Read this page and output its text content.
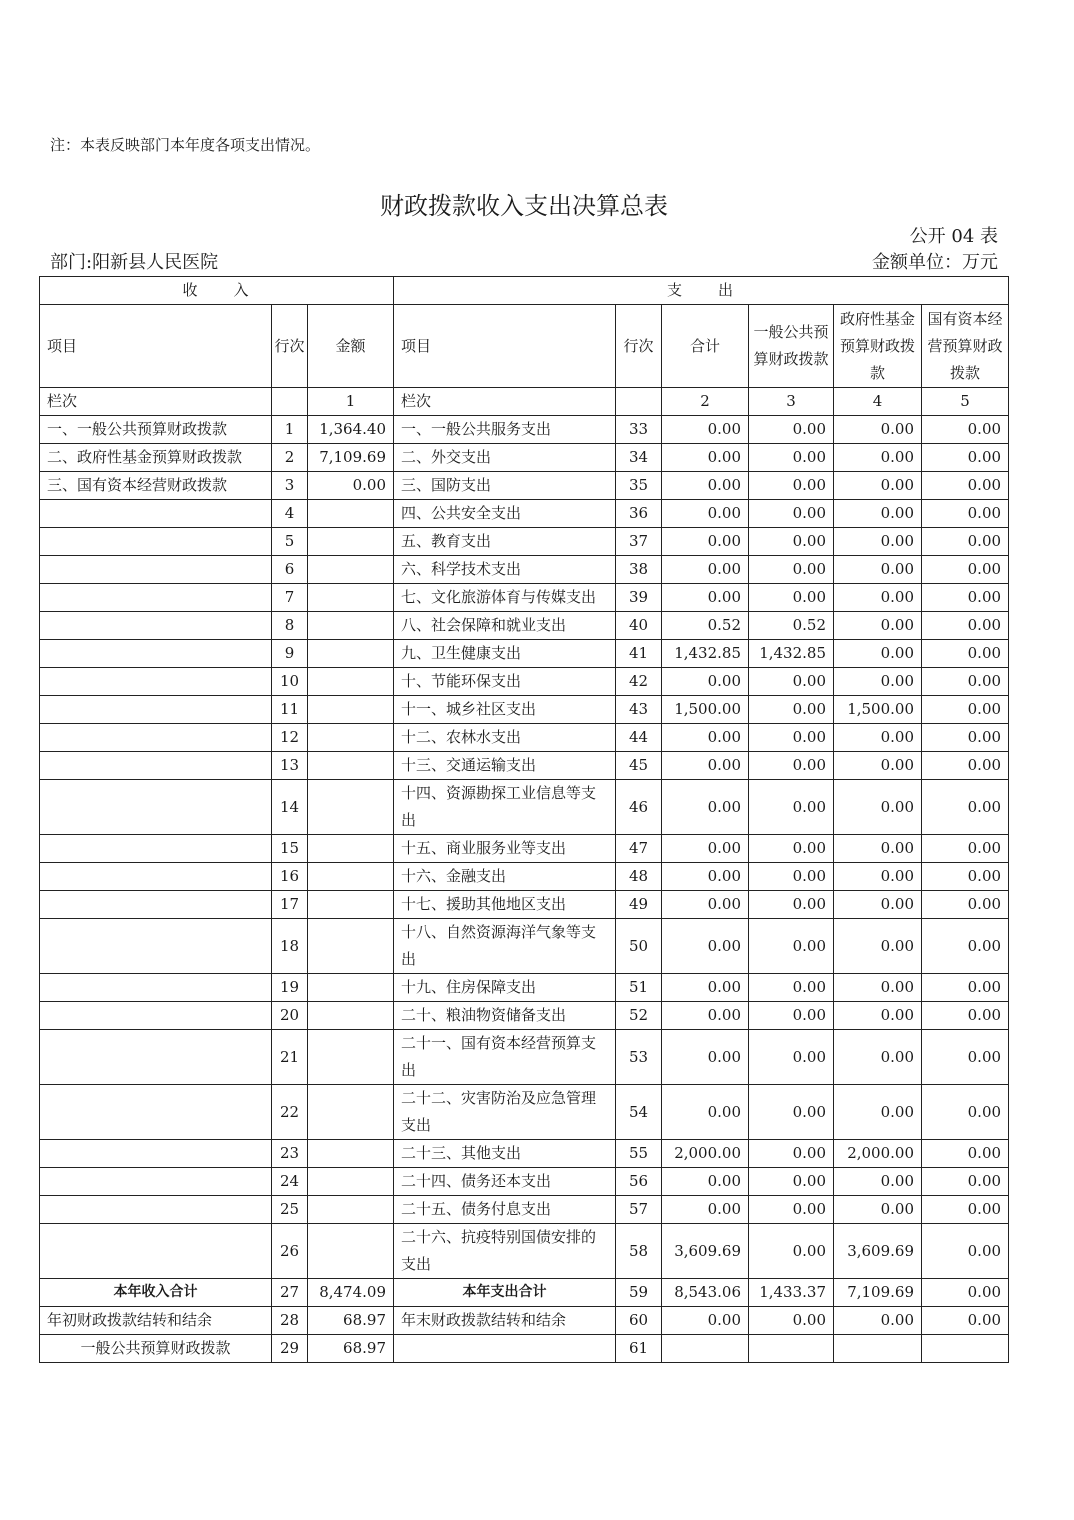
注：本表反映部门本年度各项支出情况。
财政拨款收入支出决算总表
公开 04 表
部门:阳新县人民医院	金额单位：万元
收　　入			支　　出					
项目	行次	金额	项目	行次	合计	一般公共预算财政拨款	政府性基金预算财政拨款	国有资本经营预算财政拨款
栏次		1	栏次		2	3	4	5
一、一般公共预算财政拨款	1	1,364.40	一、一般公共服务支出	33	0.00	0.00	0.00	0.00
二、政府性基金预算财政拨款	2	7,109.69	二、外交支出	34	0.00	0.00	0.00	0.00
三、国有资本经营财政拨款	3	0.00	三、国防支出	35	0.00	0.00	0.00	0.00
	4		四、公共安全支出	36	0.00	0.00	0.00	0.00
	5		五、教育支出	37	0.00	0.00	0.00	0.00
	6		六、科学技术支出	38	0.00	0.00	0.00	0.00
	7		七、文化旅游体育与传媒支出	39	0.00	0.00	0.00	0.00
	8		八、社会保障和就业支出	40	0.52	0.52	0.00	0.00
	9		九、卫生健康支出	41	1,432.85	1,432.85	0.00	0.00
	10		十、节能环保支出	42	0.00	0.00	0.00	0.00
	11		十一、城乡社区支出	43	1,500.00	0.00	1,500.00	0.00
	12		十二、农林水支出	44	0.00	0.00	0.00	0.00
	13		十三、交通运输支出	45	0.00	0.00	0.00	0.00
	14		十四、资源勘探工业信息等支出	46	0.00	0.00	0.00	0.00
	15		十五、商业服务业等支出	47	0.00	0.00	0.00	0.00
	16		十六、金融支出	48	0.00	0.00	0.00	0.00
	17		十七、援助其他地区支出	49	0.00	0.00	0.00	0.00
	18		十八、自然资源海洋气象等支出	50	0.00	0.00	0.00	0.00
	19		十九、住房保障支出	51	0.00	0.00	0.00	0.00
	20		二十、粮油物资储备支出	52	0.00	0.00	0.00	0.00
	21		二十一、国有资本经营预算支出	53	0.00	0.00	0.00	0.00
	22		二十二、灾害防治及应急管理支出	54	0.00	0.00	0.00	0.00
	23		二十三、其他支出	55	2,000.00	0.00	2,000.00	0.00
	24		二十四、债务还本支出	56	0.00	0.00	0.00	0.00
	25		二十五、债务付息支出	57	0.00	0.00	0.00	0.00
	26		二十六、抗疫特别国债安排的支出	58	3,609.69	0.00	3,609.69	0.00
本年收入合计	27	8,474.09	本年支出合计	59	8,543.06	1,433.37	7,109.69	0.00
年初财政拨款结转和结余	28	68.97	年末财政拨款结转和结余	60	0.00	0.00	0.00	0.00
一般公共预算财政拨款	29	68.97		61				
